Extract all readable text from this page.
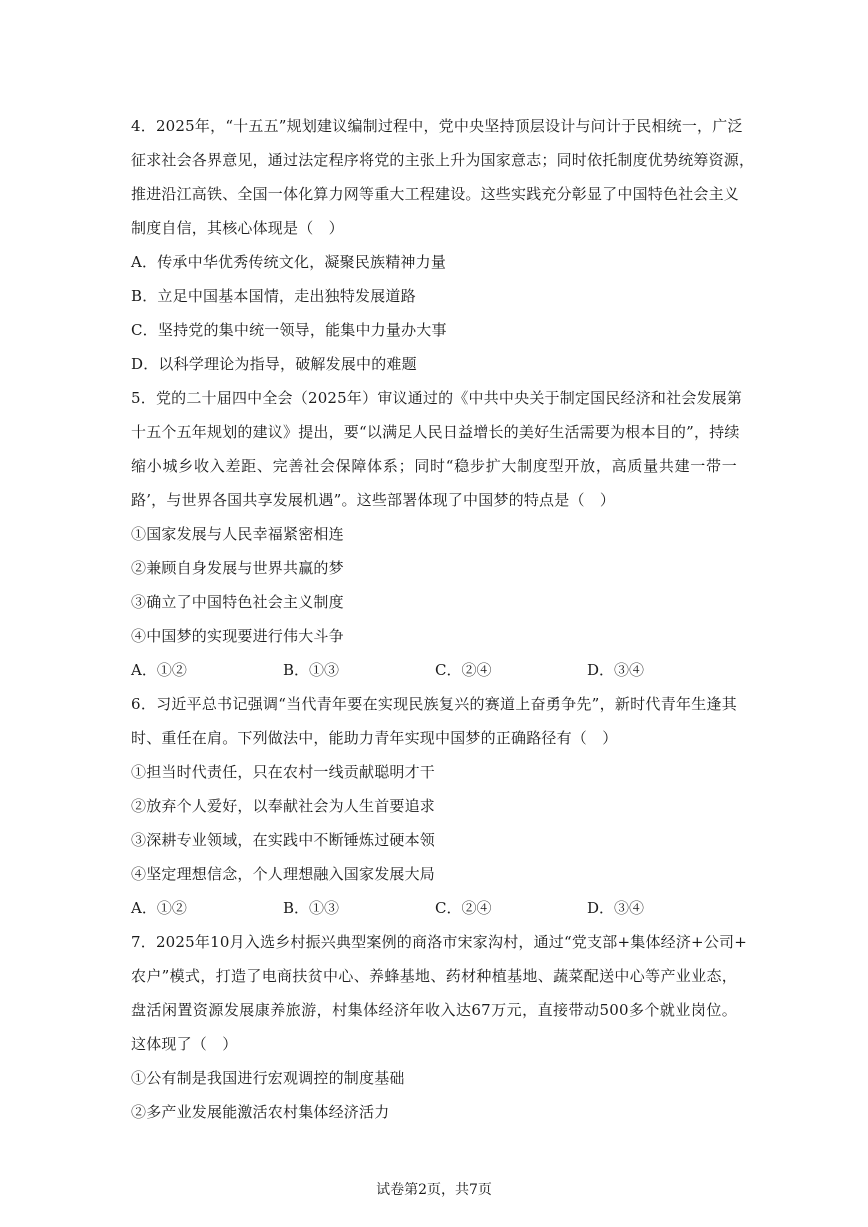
4．2025年，“十五五”规划建议编制过程中，党中央坚持顶层设计与问计于民相统一，广泛
征求社会各界意见，通过法定程序将党的主张上升为国家意志；同时依托制度优势统筹资源，
推进沿江高铁、全国一体化算力网等重大工程建设。这些实践充分彰显了中国特色社会主义
制度自信，其核心体现是（　）
A．传承中华优秀传统文化，凝聚民族精神力量
B．立足中国基本国情，走出独特发展道路
C．坚持党的集中统一领导，能集中力量办大事
D．以科学理论为指导，破解发展中的难题
5．党的二十届四中全会（2025年）审议通过的《中共中央关于制定国民经济和社会发展第
十五个五年规划的建议》提出，要“以满足人民日益增长的美好生活需要为根本目的”，持续
缩小城乡收入差距、完善社会保障体系；同时“稳步扩大制度型开放，高质量共建一带一
路’，与世界各国共享发展机遇”。这些部署体现了中国梦的特点是（　）
①国家发展与人民幸福紧密相连
②兼顾自身发展与世界共赢的梦
③确立了中国特色社会主义制度
④中国梦的实现要进行伟大斗争
A．①②	B．①③	C．②④	D．③④
6．习近平总书记强调“当代青年要在实现民族复兴的赛道上奋勇争先”，新时代青年生逢其
时、重任在肩。下列做法中，能助力青年实现中国梦的正确路径有（　）
①担当时代责任，只在农村一线贡献聪明才干
②放弃个人爱好，以奉献社会为人生首要追求
③深耕专业领域，在实践中不断锤炼过硬本领
④坚定理想信念，个人理想融入国家发展大局
A．①②	B．①③	C．②④	D．③④
7．2025年10月入选乡村振兴典型案例的商洛市宋家沟村，通过“党支部+集体经济+公司+
农户”模式，打造了电商扶贫中心、养蜂基地、药材种植基地、蔬菜配送中心等产业业态，
盘活闲置资源发展康养旅游，村集体经济年收入达67万元，直接带动500多个就业岗位。
这体现了（　）
①公有制是我国进行宏观调控的制度基础
②多产业发展能激活农村集体经济活力
试卷第2页，共7页
